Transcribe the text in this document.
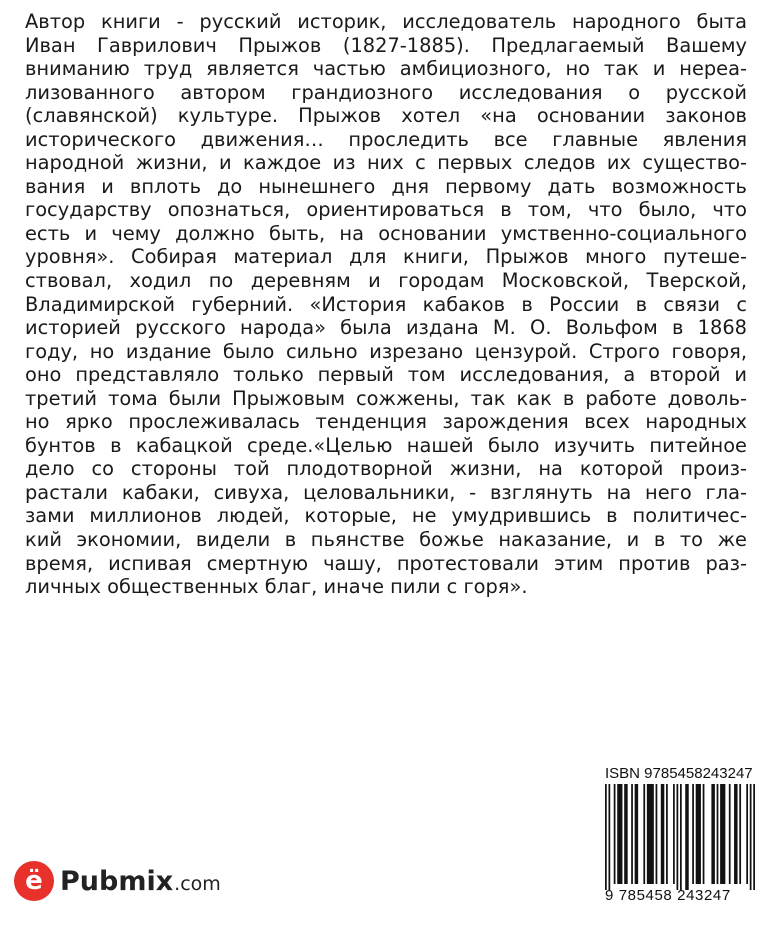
Автор книги - русский историк, исследователь народного быта
Иван Гаврилович Прыжов (1827-1885). Предлагаемый Вашему
вниманию труд является частью амбициозного, но так и нереа-
лизованного автором грандиозного исследования о русской
(славянской) культуре. Прыжов хотел «на основании законов
исторического движения… проследить все главные явления
народной жизни, и каждое из них с первых следов их существо-
вания и вплоть до нынешнего дня первому дать возможность
государству опознаться, ориентироваться в том, что было, что
есть и чему должно быть, на основании умственно-социального
уровня». Собирая материал для книги, Прыжов много путеше-
ствовал, ходил по деревням и городам Московской, Тверской,
Владимирской губерний. «История кабаков в России в связи с
историей русского народа» была издана М. О. Вольфом в 1868
году, но издание было сильно изрезано цензурой. Строго говоря,
оно представляло только первый том исследования, а второй и
третий тома были Прыжовым сожжены, так как в работе доволь-
но ярко прослеживалась тенденция зарождения всех народных
бунтов в кабацкой среде.«Целью нашей было изучить питейное
дело со стороны той плодотворной жизни, на которой произ-
растали кабаки, сивуха, целовальники, - взглянуть на него гла-
зами миллионов людей, которые, не умудрившись в политичес-
кий экономии, видели в пьянстве божье наказание, и в то же
время, испивая смертную чашу, протестовали этим против раз-
личных общественных благ, иначе пили с горя».
ISBN 9785458243247
9 785458 243247
ё Pubmix .com
